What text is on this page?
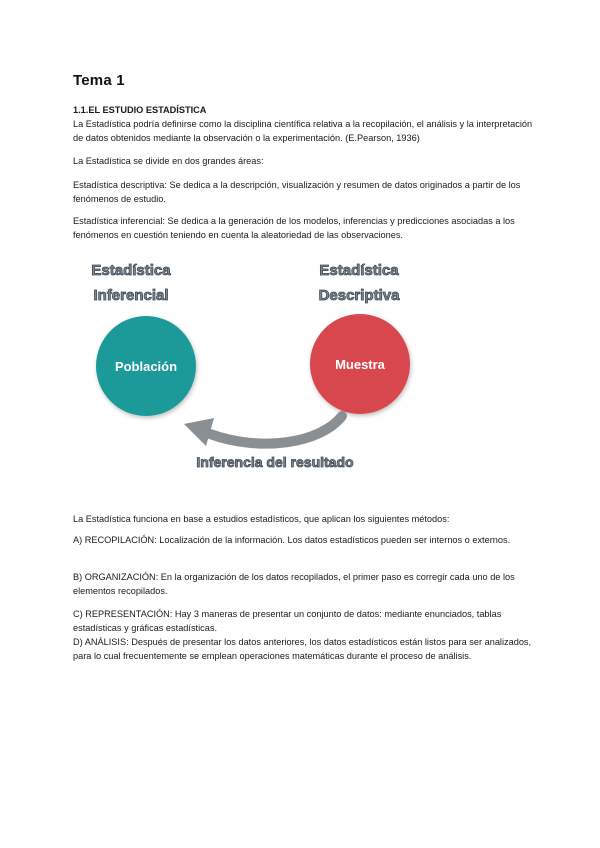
Tema 1
1.1.EL ESTUDIO ESTADÍSTICA
La Estadística podría definirse como la disciplina científica relativa a la recopilación, el análisis y la interpretación de datos obtenidos mediante la observación o la experimentación. (E.Pearson, 1936)
La Estadística se divide en dos grandes áreas:
Estadística descriptiva: Se dedica a la descripción, visualización y resumen de datos originados a partir de los fenómenos de estudio.
Estadística inferencial: Se dedica a la generación de los modelos, inferencias y predicciones asociadas a los fenómenos en cuestión teniendo en cuenta la aleatoriedad de las observaciones.
Estadística
Inferencial
Estadística
Descriptiva
Población	Muestra
Inferencia del resultado
La Estadística funciona en base a estudios estadísticos, que aplican los siguientes métodos:
A) RECOPILACIÓN: Localización de la información. Los datos estadísticos pueden ser internos o externos.
B) ORGANIZACIÓN: En la organización de los datos recopilados, el primer paso es corregir cada uno de los elementos recopilados.
C) REPRESENTACIÓN: Hay 3 maneras de presentar un conjunto de datos: mediante enunciados, tablas estadísticas y gráficas estadísticas.
D) ANÁLISIS: Después de presentar los datos anteriores, los datos estadísticos están listos para ser analizados, para lo cual frecuentemente se emplean operaciones matemáticas durante el proceso de análisis.
